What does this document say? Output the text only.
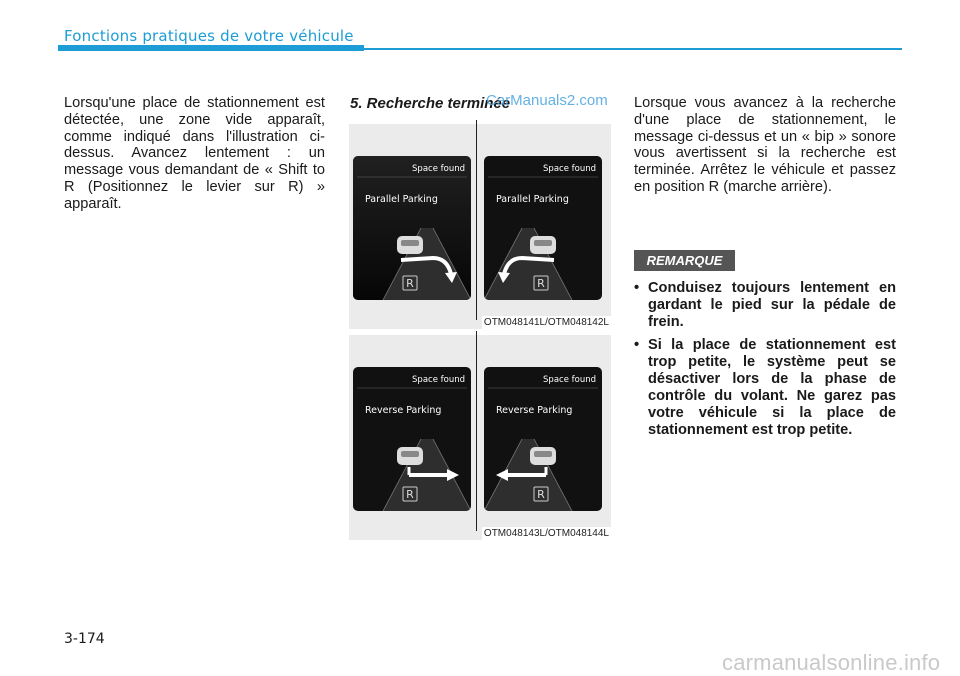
Fonctions pratiques de votre véhicule

Lorsqu'une place de stationnement est détectée, une zone vide apparaît, comme indiqué dans l'illustration ci-dessus. Avancez lentement : un message vous demandant de « Shift to R (Positionnez le levier sur R) » apparaît.

5. Recherche terminée
CarManuals2.com
Space found
Parallel Parking
R
Space found
Parallel Parking
R
OTM048141L/OTM048142L
Space found
Reverse Parking
R
Space found
Reverse Parking
R
OTM048143L/OTM048144L

Lorsque vous avancez à la recherche d'une place de stationnement, le message ci-dessus et un « bip » sonore vous avertissent si la recherche est terminée. Arrêtez le véhicule et passez en position R (marche arrière).

REMARQUE
• Conduisez toujours lentement en gardant le pied sur la pédale de frein.
• Si la place de stationnement est trop petite, le système peut se désactiver lors de la phase de contrôle du volant. Ne garez pas votre véhicule si la place de stationnement est trop petite.
3-174
carmanualsonline.info
